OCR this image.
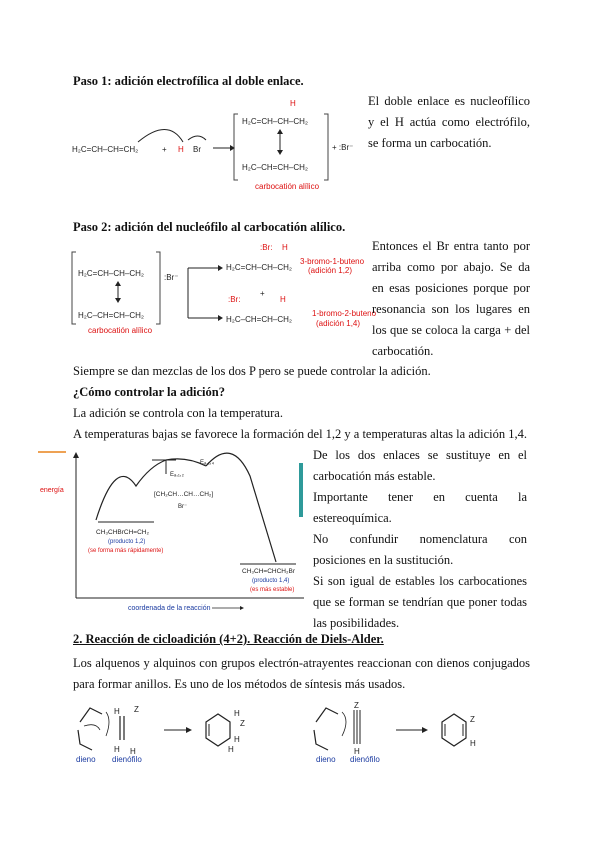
Paso 1: adición electrofílica al doble enlace.
H₂C=CH–CH=CH₂	+ H Br
H
H₂C=CH–CH–CH₂
H₂C–CH=CH–CH₂
carbocatión alílico
+ :Br⁻
El doble enlace es nucleofílico y el H actúa como electrófilo, se forma un carbocatión.
Paso 2: adición del nucleófilo al carbocatión alílico.
H₂C=CH–CH–CH₂
H₂C–CH=CH–CH₂
carbocatión alílico
:Br⁻
:Br: H
H₂C=CH–CH–CH₂
3-bromo-1-buteno
(adición 1,2)
+
:Br:	H
H₂C–CH=CH–CH₂
1-bromo-2-buteno
(adición 1,4)
Entonces el Br entra tanto por arriba como por abajo. Se da en esas posiciones porque por resonancia son los lugares en los que se coloca la carga + del carbocatión.
Siempre se dan mezclas de los dos P pero se puede controlar la adición.
¿Cómo controlar la adición?
La adición se controla con la temperatura.
A temperaturas bajas se favorece la formación del 1,2 y a temperaturas altas la adición 1,4.
energía
Eₐ,₁,₂
Eₐ,₁,₄
[CH₂CH…CH…CH₂]
Br⁻
CH₃CHBrCH=CH₂
(producto 1,2)
(se forma más rápidamente)
CH₃CH=CHCH₂Br
(producto 1,4)
(es más estable)
coordenada de la reacción
De los dos enlaces se sustituye en el carbocatión más estable.
Importante tener en cuenta la estereoquímica.
No confundir nomenclatura con posiciones en la sustitución.
Si son igual de estables los carbocationes que se forman se tendrían que poner todas las posibilidades.
2. Reacción de cicloadición (4+2). Reacción de Diels-Alder.
Los alquenos y alquinos con grupos electrón-atrayentes reaccionan con dienos conjugados para formar anillos. Es uno de los métodos de síntesis más usados.
H Z
H H
dieno dienófilo
H
Z
H
H
Z
H
dieno dienófilo
Z
H
